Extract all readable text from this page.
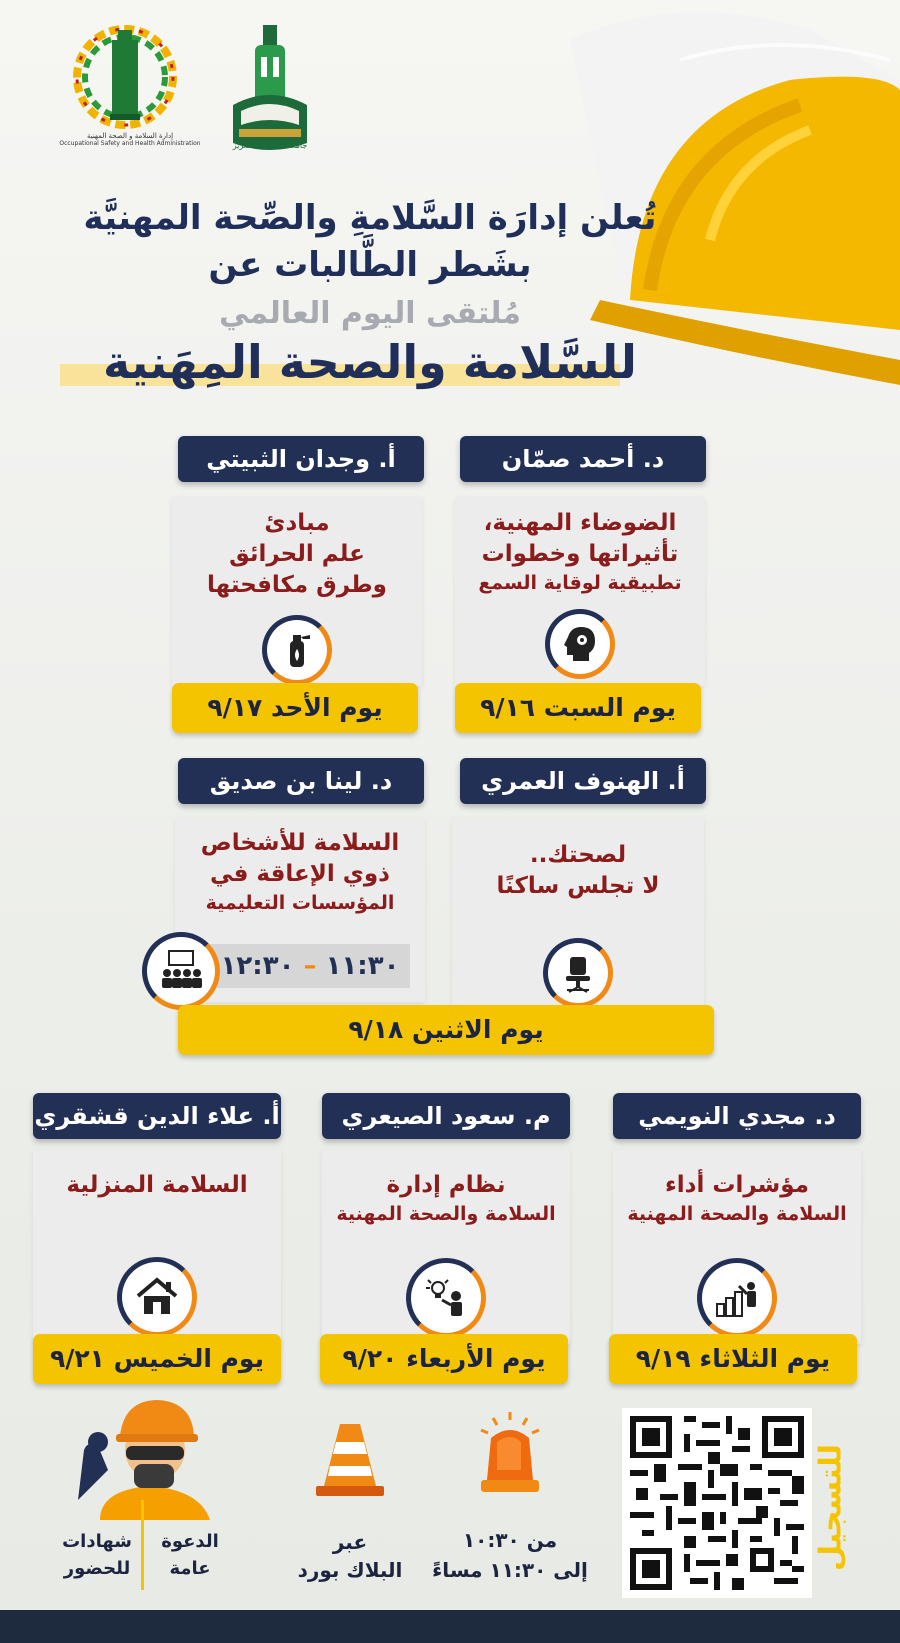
Occupational Safety and Health Administration
إدارة السلامة و الصحة المهنية
جامعة الملك عبدالعزيز
تُعلن إدارَة السَّلامةِ والصِّحة المهنيَّة
بشَطر الطَّالبات عن
مُلتقى اليوم العالمي
للسَّلامة والصحة المِهَنية
د. أحمد صمّان
أ. وجدان الثبيتي
الضوضاء المهنية،
تأثيراتها وخطوات
تطبيقية لوقاية السمع
مبادئ
علم الحرائق
وطرق مكافحتها
يوم السبت ٩/١٦
يوم الأحد ٩/١٧
أ. الهنوف العمري
د. لينا بن صديق
لصحتك..
لا تجلس ساكنًا
السلامة للأشخاص
ذوي الإعاقة في
المؤسسات التعليمية
١١:٣٠ – ١٢:٣٠
يوم الاثنين ٩/١٨
د. مجدي النويمي
م. سعود الصيعري
أ. علاء الدين قشقري
مؤشرات أداء
السلامة والصحة المهنية
نظام إدارة
السلامة والصحة المهنية
السلامة المنزلية
يوم الثلاثاء ٩/١٩
يوم الأربعاء ٩/٢٠
يوم الخميس ٩/٢١
للتسجيل
من ١٠:٣٠
إلى ١١:٣٠ مساءً
عبر
البلاك بورد
الدعوة
عامة
شهادات
للحضور
